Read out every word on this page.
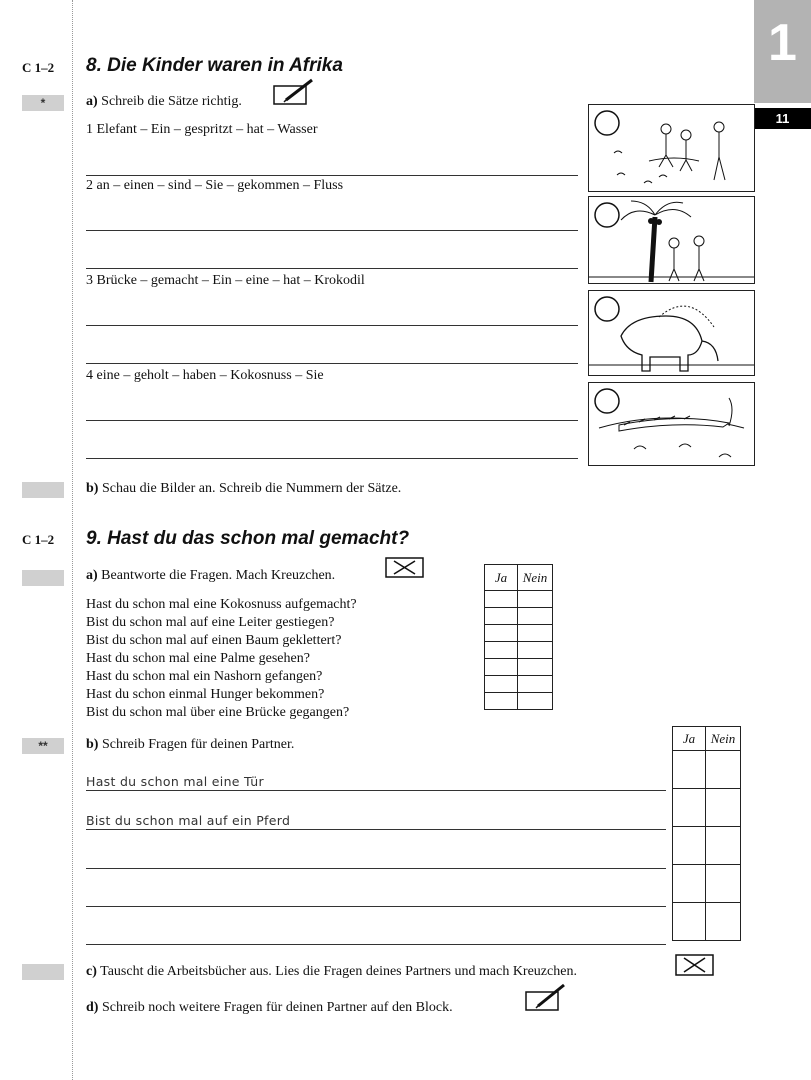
1
11
C 1–2 8. Die Kinder waren in Afrika
*	a) Schreib die Sätze richtig.
1 Elefant – Ein – gespritzt – hat – Wasser
2 an – einen – sind – Sie – gekommen – Fluss
3 Brücke – gemacht – Ein – eine – hat – Krokodil
4 eine – geholt – haben – Kokosnuss – Sie
b) Schau die Bilder an. Schreib die Nummern der Sätze.
C 1–2 9. Hast du das schon mal gemacht?
a) Beantworte die Fragen. Mach Kreuzchen.
Hast du schon mal eine Kokosnuss aufgemacht?
Bist du schon mal auf eine Leiter gestiegen?
Bist du schon mal auf einen Baum geklettert?
Hast du schon mal eine Palme gesehen?
Hast du schon mal ein Nashorn gefangen?
Hast du schon einmal Hunger bekommen?
Bist du schon mal über eine Brücke gegangen?
Ja	Nein

**	b) Schreib Fragen für deinen Partner.
Hast du schon mal eine Tür
Bist du schon mal auf ein Pferd
Ja	Nein

c) Tauscht die Arbeitsbücher aus. Lies die Fragen deines Partners und mach Kreuzchen.
d) Schreib noch weitere Fragen für deinen Partner auf den Block.
